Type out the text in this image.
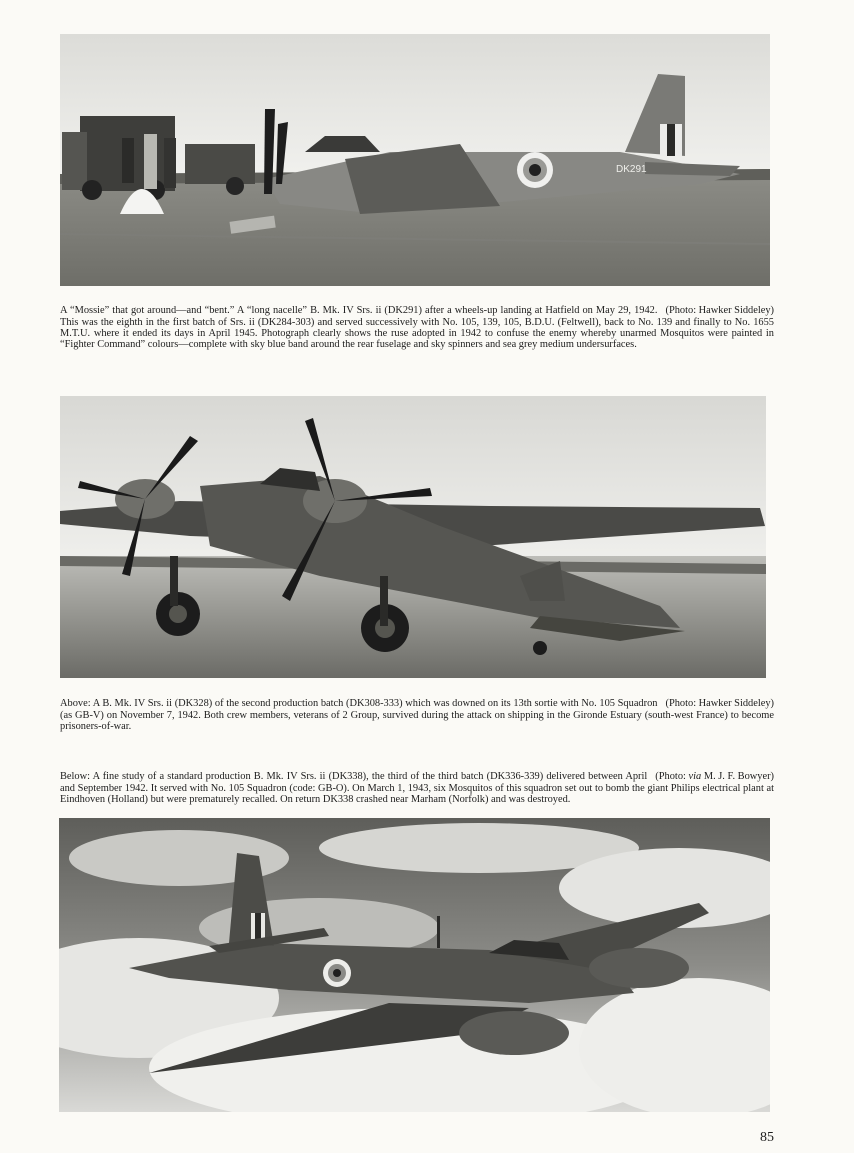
DK291

(Photo: Hawker Siddeley)
A “Mossie” that got around—and “bent.” A “long nacelle” B. Mk. IV Srs. ii (DK291) after a wheels-up landing at Hatfield on May 29, 1942. This was the eighth in the first batch of Srs. ii (DK284-303) and served successively with No. 105, 139, 105, B.D.U. (Feltwell), back to No. 139 and finally to No. 1655 M.T.U. where it ended its days in April 1945. Photograph clearly shows the ruse adopted in 1942 to confuse the enemy whereby unarmed Mosquitos were painted in “Fighter Command” colours—complete with sky blue band around the rear fuselage and sky spinners and sea grey medium undersurfaces.

(Photo: Hawker Siddeley)
Above: A B. Mk. IV Srs. ii (DK328) of the second production batch (DK308-333) which was downed on its 13th sortie with No. 105 Squadron (as GB-V) on November 7, 1942. Both crew members, veterans of 2 Group, survived during the attack on shipping in the Gironde Estuary (south-west France) to become prisoners-of-war.

(Photo: via M. J. F. Bowyer)
Below: A fine study of a standard production B. Mk. IV Srs. ii (DK338), the third of the third batch (DK336-339) delivered between April and September 1942. It served with No. 105 Squadron (code: GB-O). On March 1, 1943, six Mosquitos of this squadron set out to bomb the giant Philips electrical plant at Eindhoven (Holland) but were prematurely recalled. On return DK338 crashed near Marham (Norfolk) and was destroyed.

85
